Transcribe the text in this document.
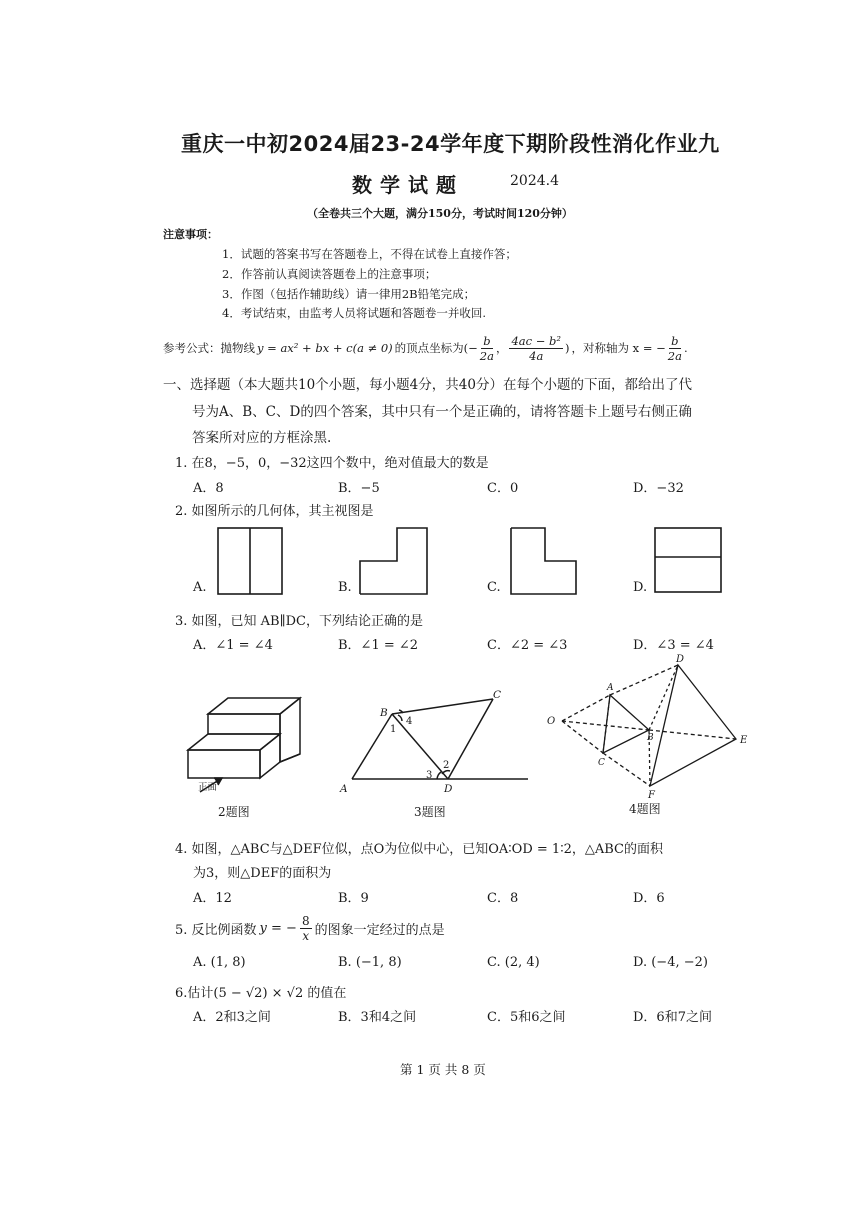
重庆一中初2024届23-24学年度下期阶段性消化作业九
数学试题	2024.4
（全卷共三个大题，满分150分，考试时间120分钟）
注意事项：
1．试题的答案书写在答题卷上，不得在试卷上直接作答；
2．作答前认真阅读答题卷上的注意事项；
3．作图（包括作辅助线）请一律用2B铅笔完成；
4．考试结束，由监考人员将试题和答题卷一并收回.
参考公式：抛物线 y = ax² + bx + c(a ≠ 0) 的顶点坐标为 (− $\frac{b}{2a}$ ， $\frac{\text{4ac − b²}}{4a}$ ) ，对称轴为 x = − $\frac{b}{2a}$ .
一、选择题（本大题共10个小题，每小题4分，共40分）在每个小题的下面，都给出了代
号为A、B、C、D的四个答案，其中只有一个是正确的，请将答题卡上题号右侧正确
答案所对应的方框涂黑.
1. 在8，−5，0，−32这四个数中，绝对值最大的数是
A．8	B．−5	C．0	D．−32
2. 如图所示的几何体，其主视图是
A.	B.	C.	D.
3. 如图，已知 AB∥DC，下列结论正确的是
A．∠1 = ∠4	B．∠1 = ∠2	C．∠2 = ∠3	D．∠3 = ∠4
正面
B
C
A	D
1
4
2
3
O
A
B
C
D
E
F
2题图	3题图	4题图
4. 如图，△ABC与△DEF位似，点O为位似中心，已知OA∶OD = 1∶2，△ABC的面积
为3，则△DEF的面积为
A．12	B．9	C．8	D．6
5. 反比例函数 y = − $\frac{8}{x}$ 的图象一定经过的点是
A. (1, 8)	B. (−1, 8)	C. (2, 4)	D. (−4, −2)
6.估计(5 − √2) × √2 的值在
A．2和3之间	B．3和4之间	C．5和6之间	D．6和7之间
第 1 页 共 8 页
